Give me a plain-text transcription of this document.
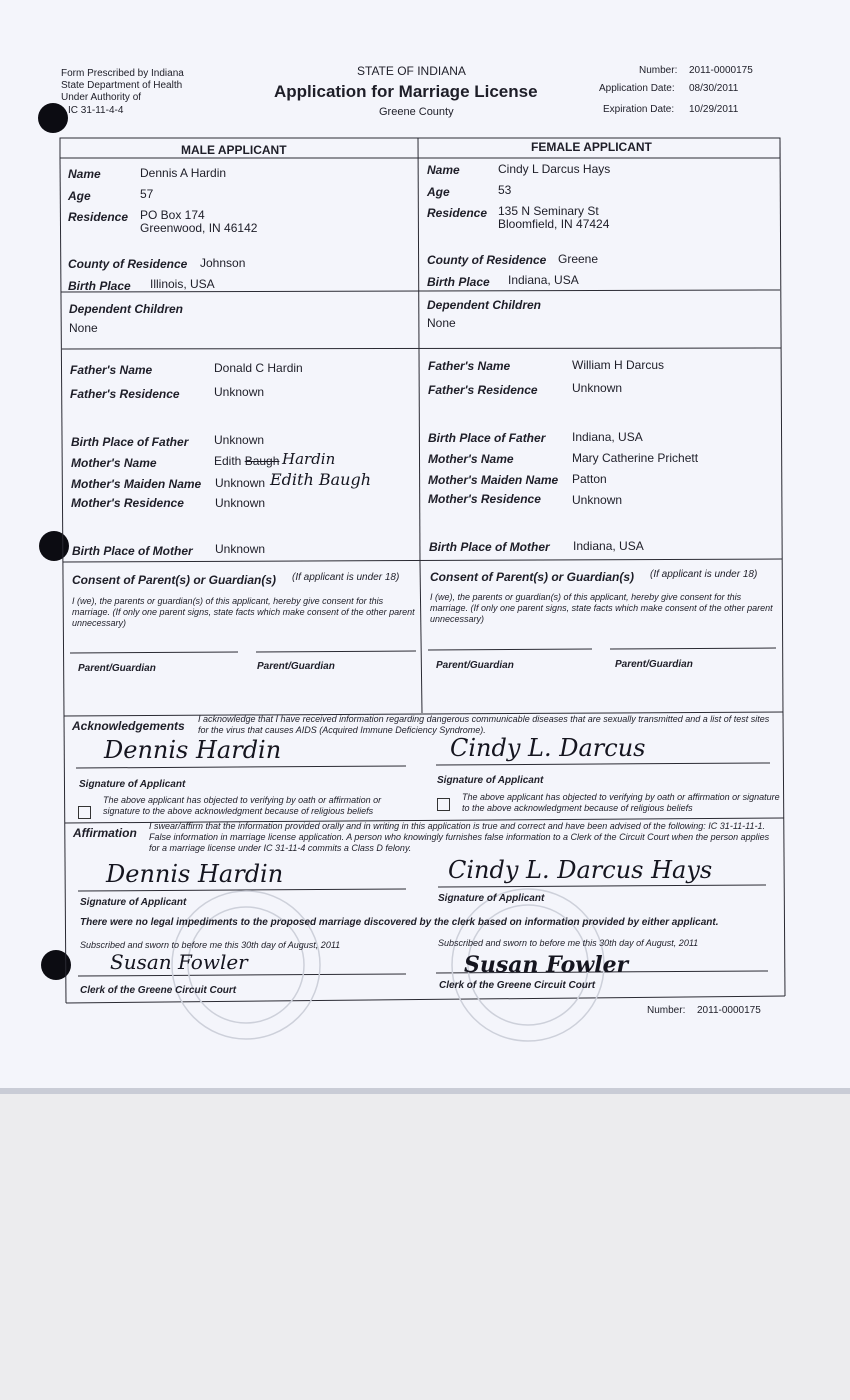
Form Prescribed by Indiana
State Department of Health
Under Authority of
IC 31-11-4-4
STATE OF INDIANA
Application for Marriage License
Greene County
Number: 2011-0000175
Application Date: 08/30/2011
Expiration Date: 10/29/2011
MALE APPLICANT	FEMALE APPLICANT
Name	Dennis A Hardin
Age	57
Residence PO Box 174
Greenwood, IN 46142
County of Residence Johnson
Birth Place Illinois, USA
Dependent Children
None
Father's Name	Donald C Hardin
Father's Residence	Unknown
Birth Place of Father Unknown
Mother's Name	Edith Baugh Hardin
Mother's Maiden Name Unknown Edith Baugh
Mother's Residence	Unknown
Birth Place of Mother Unknown
Name	Cindy L Darcus Hays
Age	53
Residence 135 N Seminary St
Bloomfield, IN 47424
County of Residence Greene
Birth Place Indiana, USA
Dependent Children
None
Father's Name	William H Darcus
Father's Residence	Unknown
Birth Place of Father Indiana, USA
Mother's Name	Mary Catherine Prichett
Mother's Maiden Name Patton
Mother's Residence	Unknown
Birth Place of Mother Indiana, USA
Consent of Parent(s) or Guardian(s) (If applicant is under 18)
I (we), the parents or guardian(s) of this applicant, hereby give consent for this marriage. (If only one parent signs, state facts which make consent of the other parent unnecessary)
Parent/Guardian	Parent/Guardian
Consent of Parent(s) or Guardian(s) (If applicant is under 18)
I (we), the parents or guardian(s) of this applicant, hereby give consent for this marriage. (If only one parent signs, state facts which make consent of the other parent unnecessary)
Parent/Guardian	Parent/Guardian
Acknowledgements I acknowledge that I have received information regarding dangerous communicable diseases that are sexually transmitted and a list of test sites for the virus that causes AIDS (Acquired Immune Deficiency Syndrome).
Dennis Hardin	Cindy L. Darcus
Signature of Applicant	Signature of Applicant
The above applicant has objected to verifying by oath or affirmation or signature to the above acknowledgment because of religious beliefs
The above applicant has objected to verifying by oath or affirmation or signature to the above acknowledgment because of religious beliefs
Affirmation I swear/affirm that the information provided orally and in writing in this application is true and correct and have been advised of the following: IC 31-11-11-1. False information in marriage license application. A person who knowingly furnishes false information to a Clerk of the Circuit Court when the person applies for a marriage license under IC 31-11-4 commits a Class D felony.
Dennis Hardin	Cindy L. Darcus Hays
Signature of Applicant	Signature of Applicant
There were no legal impediments to the proposed marriage discovered by the clerk based on information provided by either applicant.
Subscribed and sworn to before me this 30th day of August, 2011	Subscribed and sworn to before me this 30th day of August, 2011
Susan Fowler	Susan Fowler
Clerk of the Greene Circuit Court	Clerk of the Greene Circuit Court
Number: 2011-0000175
